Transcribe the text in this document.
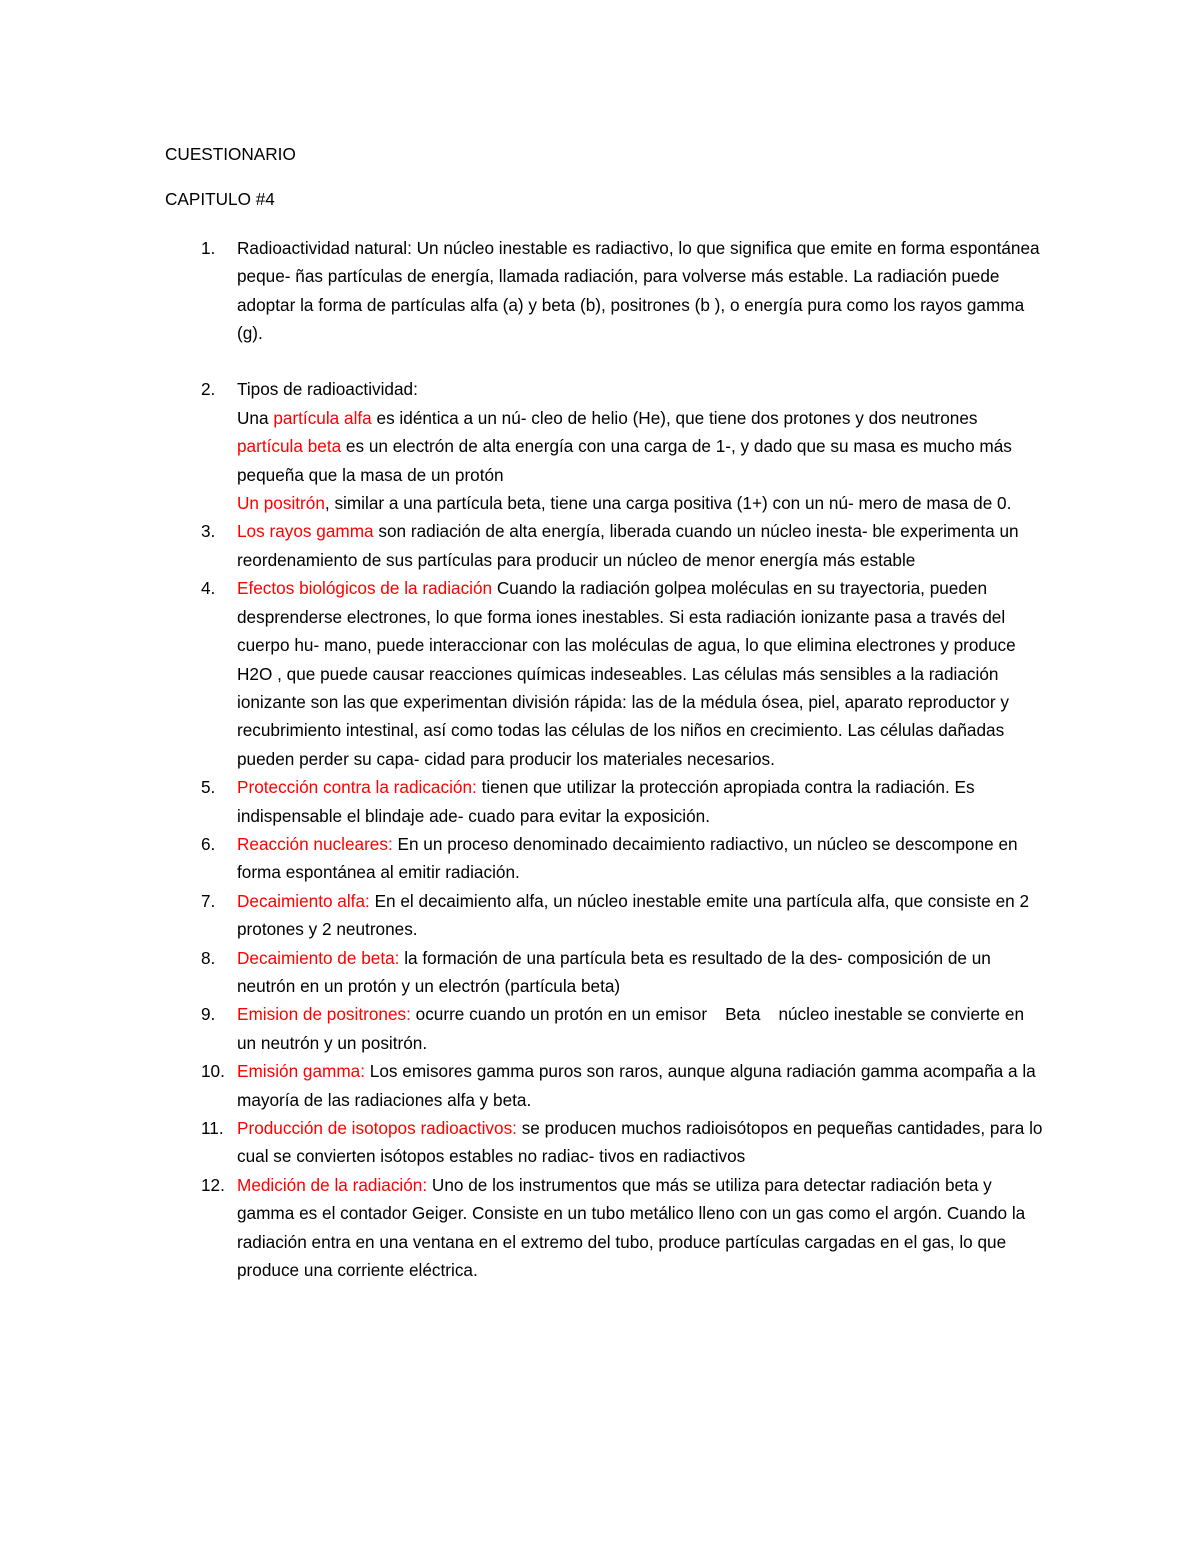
CUESTIONARIO

CAPITULO #4

1.	Radioactividad natural: Un núcleo inestable es radiactivo, lo que significa que emite en forma espontánea peque- ñas partículas de energía, llamada radiación, para volverse más estable. La radiación puede adoptar la forma de partículas alfa (a) y beta (b), positrones (b ), o energía pura como los rayos gamma (g).
2.	Tipos de radioactividad:
Una partícula alfa es idéntica a un nú- cleo de helio (He), que tiene dos protones y dos neutrones
partícula beta es un electrón de alta energía con una carga de 1-, y dado que su masa es mucho más pequeña que la masa de un protón
Un positrón, similar a una partícula beta, tiene una carga positiva (1+) con un nú- mero de masa de 0.
3.	Los rayos gamma son radiación de alta energía, liberada cuando un núcleo inesta- ble experimenta un reordenamiento de sus partículas para producir un núcleo de menor energía más estable
4.	Efectos biológicos de la radiación Cuando la radiación golpea moléculas en su trayectoria, pueden desprenderse electrones, lo que forma iones inestables. Si esta radiación ionizante pasa a través del cuerpo hu- mano, puede interaccionar con las moléculas de agua, lo que elimina electrones y produce H2O , que puede causar reacciones químicas indeseables. Las células más sensibles a la radiación ionizante son las que experimentan división rápida: las de la médula ósea, piel, aparato reproductor y recubrimiento intestinal, así como todas las células de los niños en crecimiento. Las células dañadas pueden perder su capa- cidad para producir los materiales necesarios.
5.	Protección contra la radicación: tienen que utilizar la protección apropiada contra la radiación. Es indispensable el blindaje ade- cuado para evitar la exposición.
6.	Reacción nucleares: En un proceso denominado decaimiento radiactivo, un núcleo se descompone en forma espontánea al emitir radiación.
7.	Decaimiento alfa: En el decaimiento alfa, un núcleo inestable emite una partícula alfa, que consiste en 2 protones y 2 neutrones.
8.	Decaimiento de beta: la formación de una partícula beta es resultado de la des- composición de un neutrón en un protón y un electrón (partícula beta)
9.	Emision de positrones: ocurre cuando un protón en un emisor Beta núcleo inestable se convierte en un neutrón y un positrón.
10. Emisión gamma: Los emisores gamma puros son raros, aunque alguna radiación gamma acompaña a la mayoría de las radiaciones alfa y beta.
11. Producción de isotopos radioactivos: se producen muchos radioisótopos en pequeñas cantidades, para lo cual se convierten isótopos estables no radiac- tivos en radiactivos
12. Medición de la radiación: Uno de los instrumentos que más se utiliza para detectar radiación beta y gamma es el contador Geiger. Consiste en un tubo metálico lleno con un gas como el argón. Cuando la radiación entra en una ventana en el extremo del tubo, produce partículas cargadas en el gas, lo que produce una corriente eléctrica.
